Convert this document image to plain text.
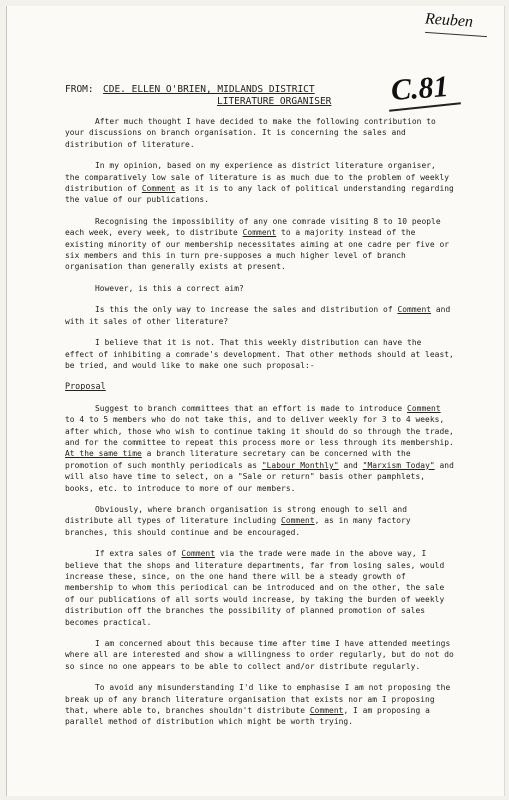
Reuben
C.81
FROM: CDE. ELLEN O'BRIEN, MIDLANDS DISTRICT
LITERATURE ORGANISER

After much thought I have decided to make the following contribution to your discussions on branch organisation. It is concerning the sales and distribution of literature.

In my opinion, based on my experience as district literature organiser, the comparatively low sale of literature is as much due to the problem of weekly distribution of Comment as it is to any lack of political understanding regarding the value of our publications.

Recognising the impossibility of any one comrade visiting 8 to 10 people each week, every week, to distribute Comment to a majority instead of the existing minority of our membership necessitates aiming at one cadre per five or six members and this in turn pre-supposes a much higher level of branch organisation than generally exists at present.

However, is this a correct aim?

Is this the only way to increase the sales and distribution of Comment and with it sales of other literature?

I believe that it is not. That this weekly distribution can have the effect of inhibiting a comrade's development. That other methods should at least, be tried, and would like to make one such proposal:-

Proposal

Suggest to branch committees that an effort is made to introduce Comment to 4 to 5 members who do not take this, and to deliver weekly for 3 to 4 weeks, after which, those who wish to continue taking it should do so through the trade, and for the committee to repeat this process more or less through its membership. At the same time a branch literature secretary can be concerned with the promotion of such monthly periodicals as "Labour Monthly" and "Marxism Today" and will also have time to select, on a "Sale or return" basis other pamphlets, books, etc. to introduce to more of our members.

Obviously, where branch organisation is strong enough to sell and distribute all types of literature including Comment, as in many factory branches, this should continue and be encouraged.

If extra sales of Comment via the trade were made in the above way, I believe that the shops and literature departments, far from losing sales, would increase these, since, on the one hand there will be a steady growth of membership to whom this periodical can be introduced and on the other, the sale of our publications of all sorts would increase, by taking the burden of weekly distribution off the branches the possibility of planned promotion of sales becomes practical.

I am concerned about this because time after time I have attended meetings where all are interested and show a willingness to order regularly, but do not do so since no one appears to be able to collect and/or distribute regularly.

To avoid any misunderstanding I'd like to emphasise I am not proposing the break up of any branch literature organisation that exists nor am I proposing that, where able to, branches shouldn't distribute Comment, I am proposing a parallel method of distribution which might be worth trying.
